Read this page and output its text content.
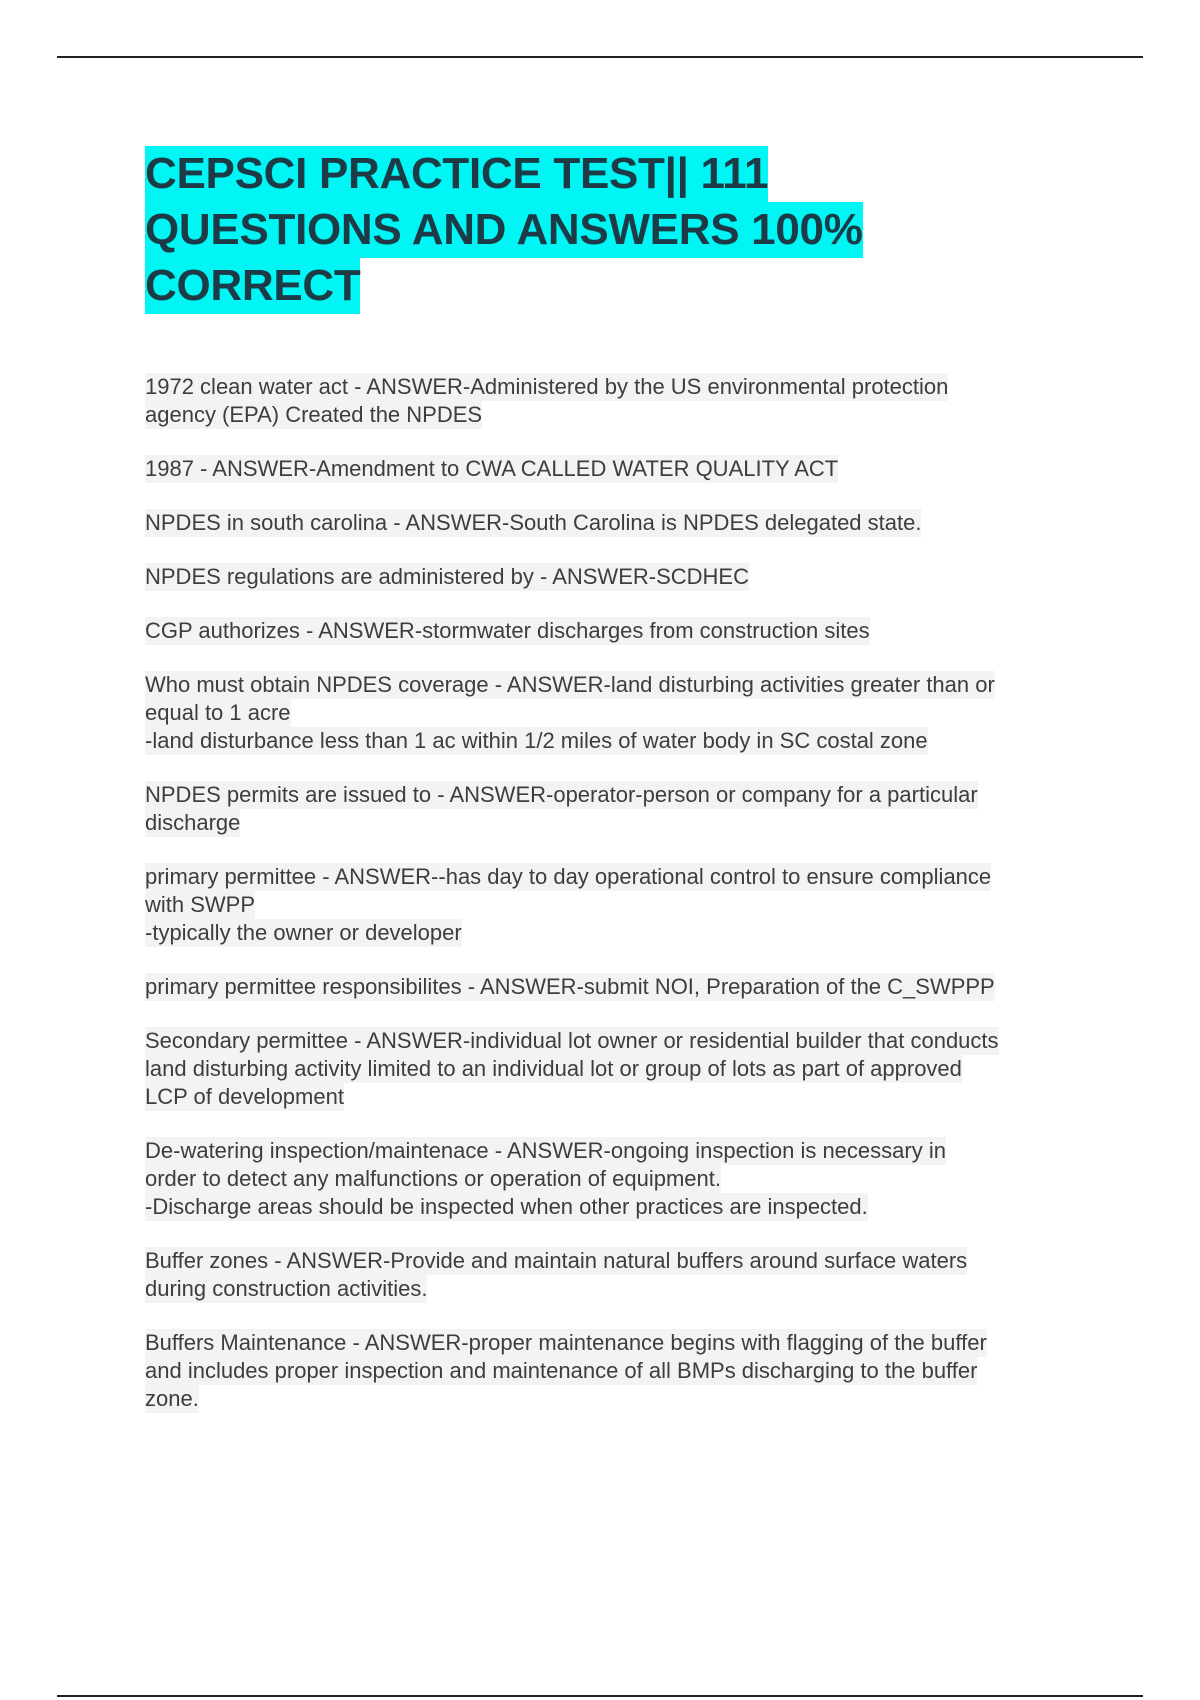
CEPSCI PRACTICE TEST|| 111
QUESTIONS AND ANSWERS 100%
CORRECT
1972 clean water act - ANSWER-Administered by the US environmental protection
agency (EPA) Created the NPDES
1987 - ANSWER-Amendment to CWA CALLED WATER QUALITY ACT
NPDES in south carolina - ANSWER-South Carolina is NPDES delegated state.
NPDES regulations are administered by - ANSWER-SCDHEC
CGP authorizes - ANSWER-stormwater discharges from construction sites
Who must obtain NPDES coverage - ANSWER-land disturbing activities greater than or
equal to 1 acre
-land disturbance less than 1 ac within 1/2 miles of water body in SC costal zone
NPDES permits are issued to - ANSWER-operator-person or company for a particular
discharge
primary permittee - ANSWER--has day to day operational control to ensure compliance
with SWPP
-typically the owner or developer
primary permittee responsibilites - ANSWER-submit NOI, Preparation of the C_SWPPP
Secondary permittee - ANSWER-individual lot owner or residential builder that conducts
land disturbing activity limited to an individual lot or group of lots as part of approved
LCP of development
De-watering inspection/maintenace - ANSWER-ongoing inspection is necessary in
order to detect any malfunctions or operation of equipment.
-Discharge areas should be inspected when other practices are inspected.
Buffer zones - ANSWER-Provide and maintain natural buffers around surface waters
during construction activities.
Buffers Maintenance - ANSWER-proper maintenance begins with flagging of the buffer
and includes proper inspection and maintenance of all BMPs discharging to the buffer
zone.
